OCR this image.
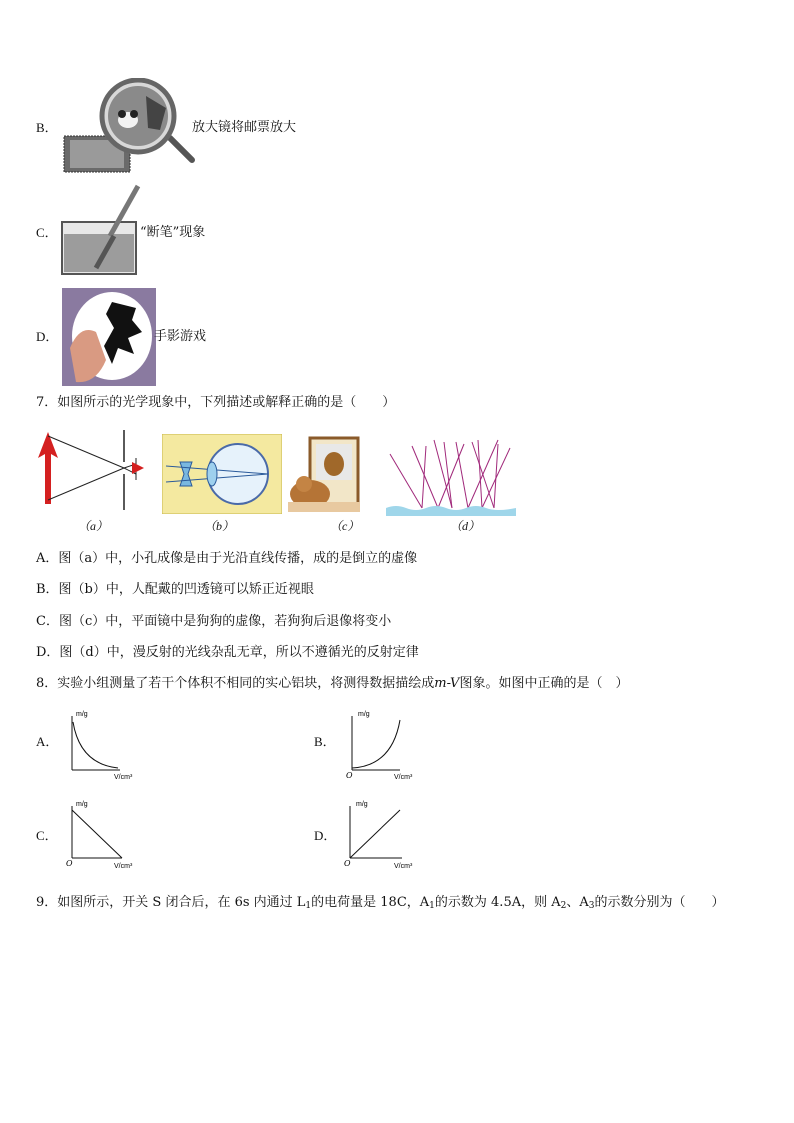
B．	放大镜将邮票放大
C．	“断笔”现象
D．	手影游戏
7．如图所示的光学现象中，下列描述或解释正确的是（　　）
（a）	（b）	（c）	（d）
A．图（a）中，小孔成像是由于光沿直线传播，成的是倒立的虚像
B．图（b）中，人配戴的凹透镜可以矫正近视眼
C．图（c）中，平面镜中是狗狗的虚像，若狗狗后退像将变小
D．图（d）中，漫反射的光线杂乱无章，所以不遵循光的反射定律
8．实验小组测量了若干个体积不相同的实心铝块，将测得数据描绘成m-V图象。如图中正确的是（　）
A．
m/g
V/cm³
B．
m/g
V/cm³
O
C．
m/g
V/cm³
O
D．
m/g
V/cm³
O
9．如图所示，开关 S 闭合后，在 6s 内通过 $L_1$的电荷量是 18C，$A_1$的示数为 4.5A，则 $A_2$、$A_3$的示数分别为（　　）
